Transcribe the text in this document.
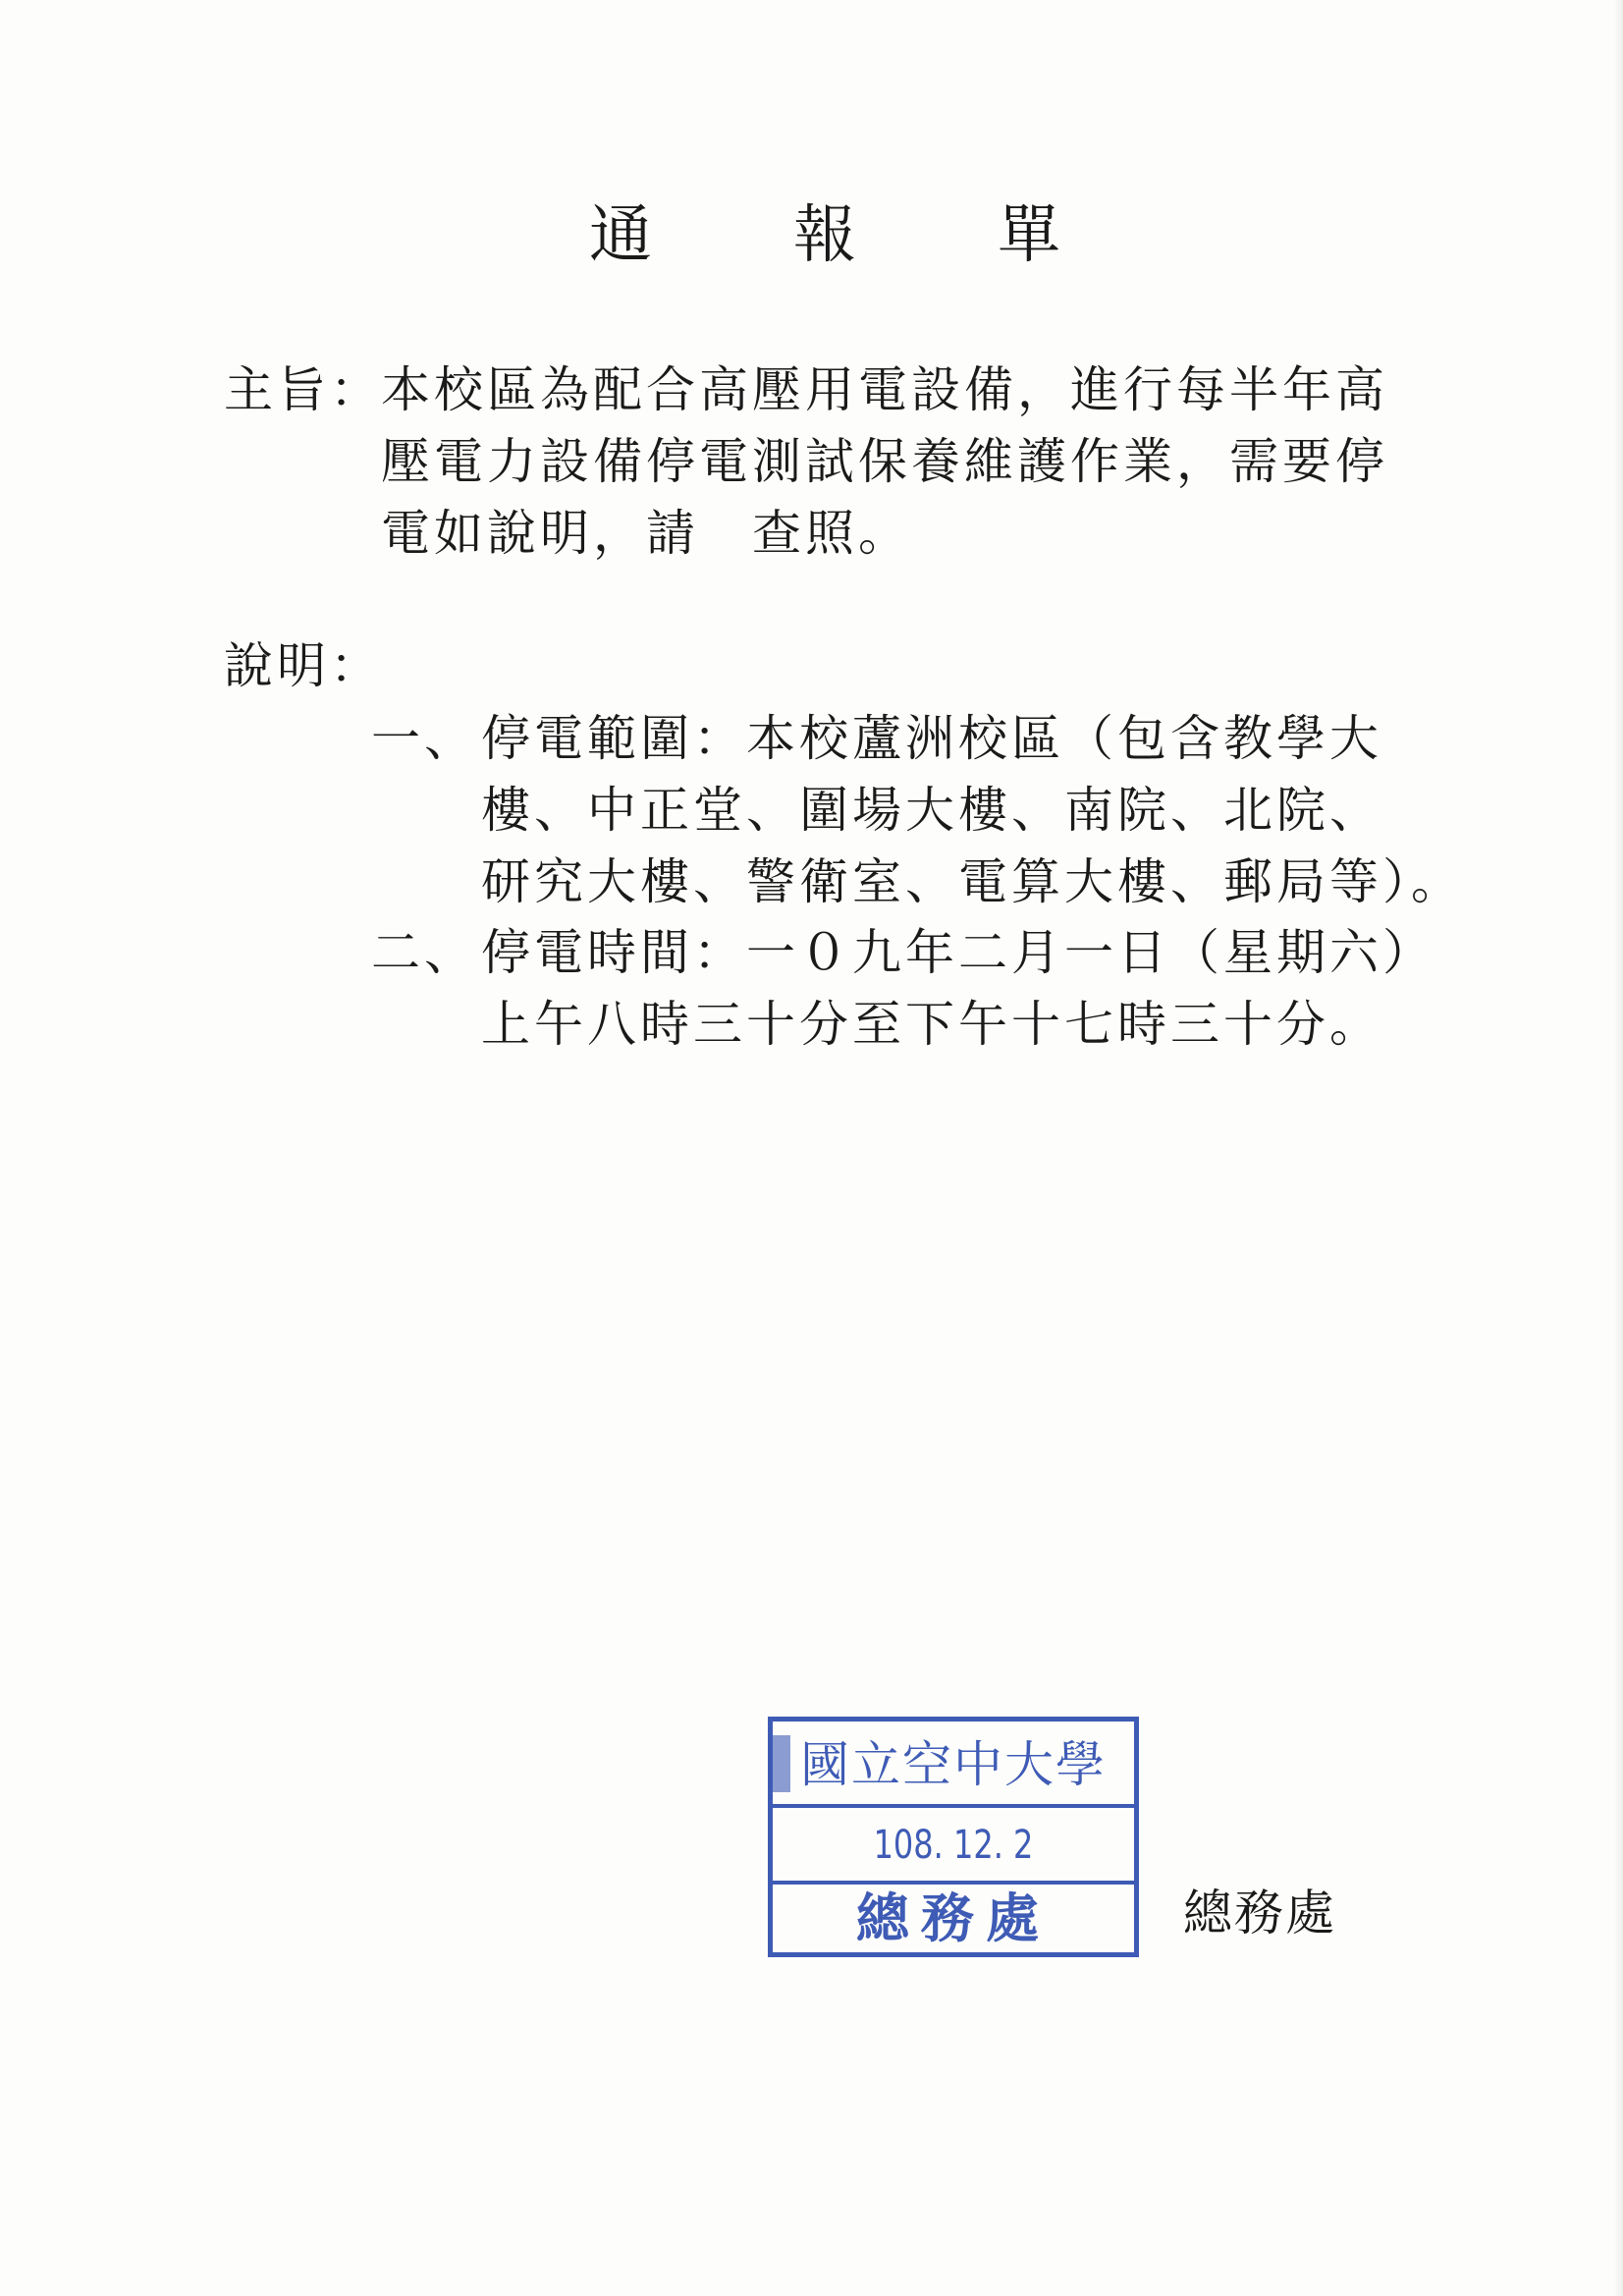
通 報 單
主旨：
本校區為配合高壓用電設備，進行每半年高
壓電力設備停電測試保養維護作業，需要停
電如說明，請　查照。
說明：
一、 停電範圍：本校蘆洲校區（包含教學大
樓、中正堂、圍場大樓、南院、北院、
研究大樓、警衛室、電算大樓、郵局等）。
二、 停電時間：一０九年二月一日（星期六）
上午八時三十分至下午十七時三十分。
國立空中大學
108. 12. 2
總務處	總務處
